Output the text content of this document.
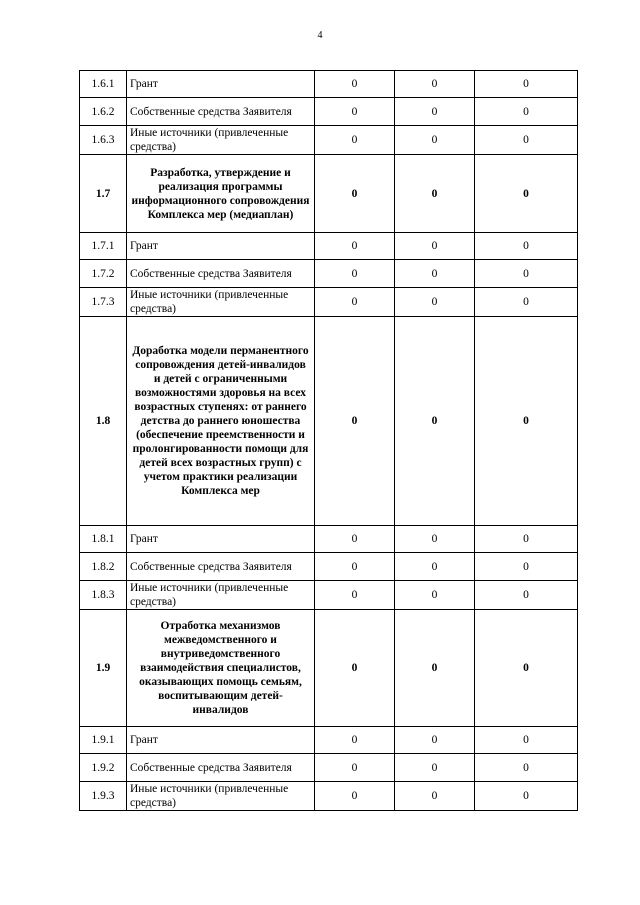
4
1.6.1	Грант	0	0	0
1.6.2	Собственные средства Заявителя	0	0	0
1.6.3	Иные источники (привлеченные средства)	0	0	0
1.7	Разработка, утверждение и реализация программы информационного сопровождения Комплекса мер (медиаплан)	0	0	0
1.7.1	Грант	0	0	0
1.7.2	Собственные средства Заявителя	0	0	0
1.7.3	Иные источники (привлеченные средства)	0	0	0
1.8	Доработка модели перманентного сопровождения детей-инвалидов и детей с ограниченными возможностями здоровья на всех возрастных ступенях: от раннего детства до раннего юношества (обеспечение преемственности и пролонгированности помощи для детей всех возрастных групп) с учетом практики реализации Комплекса мер	0	0	0
1.8.1	Грант	0	0	0
1.8.2	Собственные средства Заявителя	0	0	0
1.8.3	Иные источники (привлеченные средства)	0	0	0
1.9	Отработка механизмов межведомственного и внутриведомственного взаимодействия специалистов, оказывающих помощь семьям, воспитывающим детей-инвалидов	0	0	0
1.9.1	Грант	0	0	0
1.9.2	Собственные средства Заявителя	0	0	0
1.9.3	Иные источники (привлеченные средства)	0	0	0
